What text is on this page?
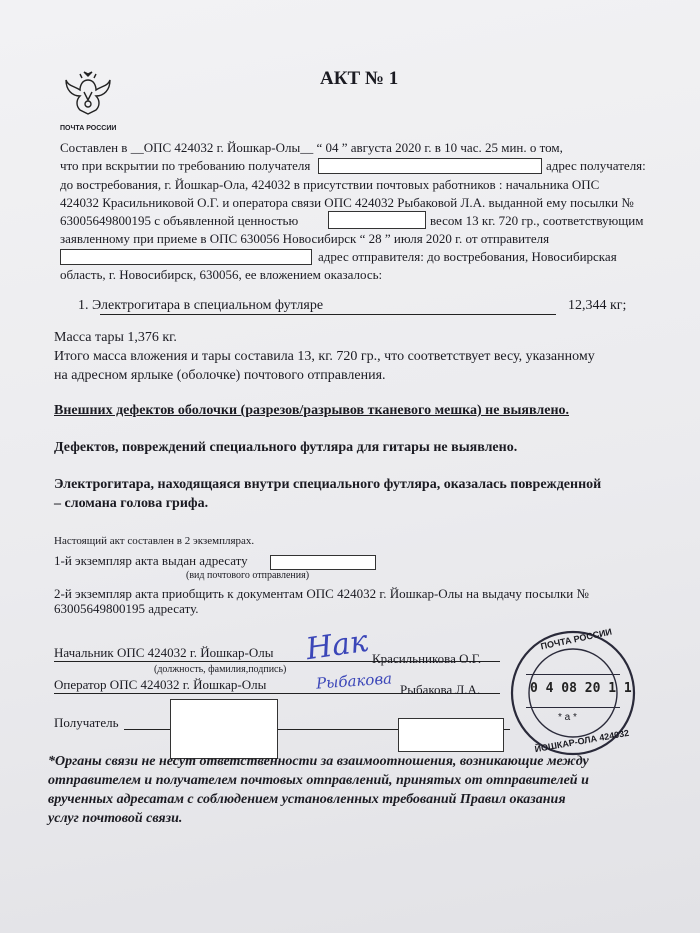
ПОЧТА РОССИИ
АКТ № 1
Составлен в __ОПС 424032 г. Йошкар-Олы__ “ 04 ” августа 2020 г. в 10 час. 25 мин. о том,
что при вскрытии по требованию получателя	адрес получателя:
до востребования, г. Йошкар-Ола, 424032 в присутствии почтовых работников : начальника ОПС
424032 Красильниковой О.Г. и оператора связи ОПС 424032 Рыбаковой Л.А. выданной ему посылки №
63005649800195 с объявленной ценностью	весом 13 кг. 720 гр., соответствующим
заявленному при приеме в ОПС 630056 Новосибирск “ 28 ” июля 2020 г. от отправителя
адрес отправителя: до востребования, Новосибирская
область, г. Новосибирск, 630056, ее вложением оказалось:
1. Электрогитара в специальном футляре	12,344 кг;
Масса тары 1,376 кг.
Итого масса вложения и тары составила 13, кг. 720 гр., что соответствует весу, указанному
на адресном ярлыке (оболочке) почтового отправления.
Внешних дефектов оболочки (разрезов/разрывов тканевого мешка) не выявлено.
Дефектов, повреждений специального футляра для гитары не выявлено.
Электрогитара, находящаяся внутри специального футляра, оказалась поврежденной
– сломана голова грифа.
Настоящий акт составлен в 2 экземплярах.
1-й экземпляр акта выдан адресату
(вид почтового отправления)
2-й экземпляр акта приобщить к документам ОПС 424032 г. Йошкар-Олы на выдачу посылки №
63005649800195 адресату.
Начальник ОПС 424032 г. Йошкар-Олы Нак Красильникова О.Г.
(должность, фамилия,подпись)
Оператор ОПС 424032 г. Йошкар-Олы	Рыбакова Рыбакова Л.А.
Получатель
ПОЧТА РОССИИ
0 4 08 20 1 1
* а *
ЙОШКАР-ОЛА 424032
*Органы связи не несут ответственности за взаимоотношения, возникающие между
отправителем и получателем почтовых отправлений, принятых от отправителей и
врученных адресатам с соблюдением установленных требований Правил оказания
услуг почтовой связи.
